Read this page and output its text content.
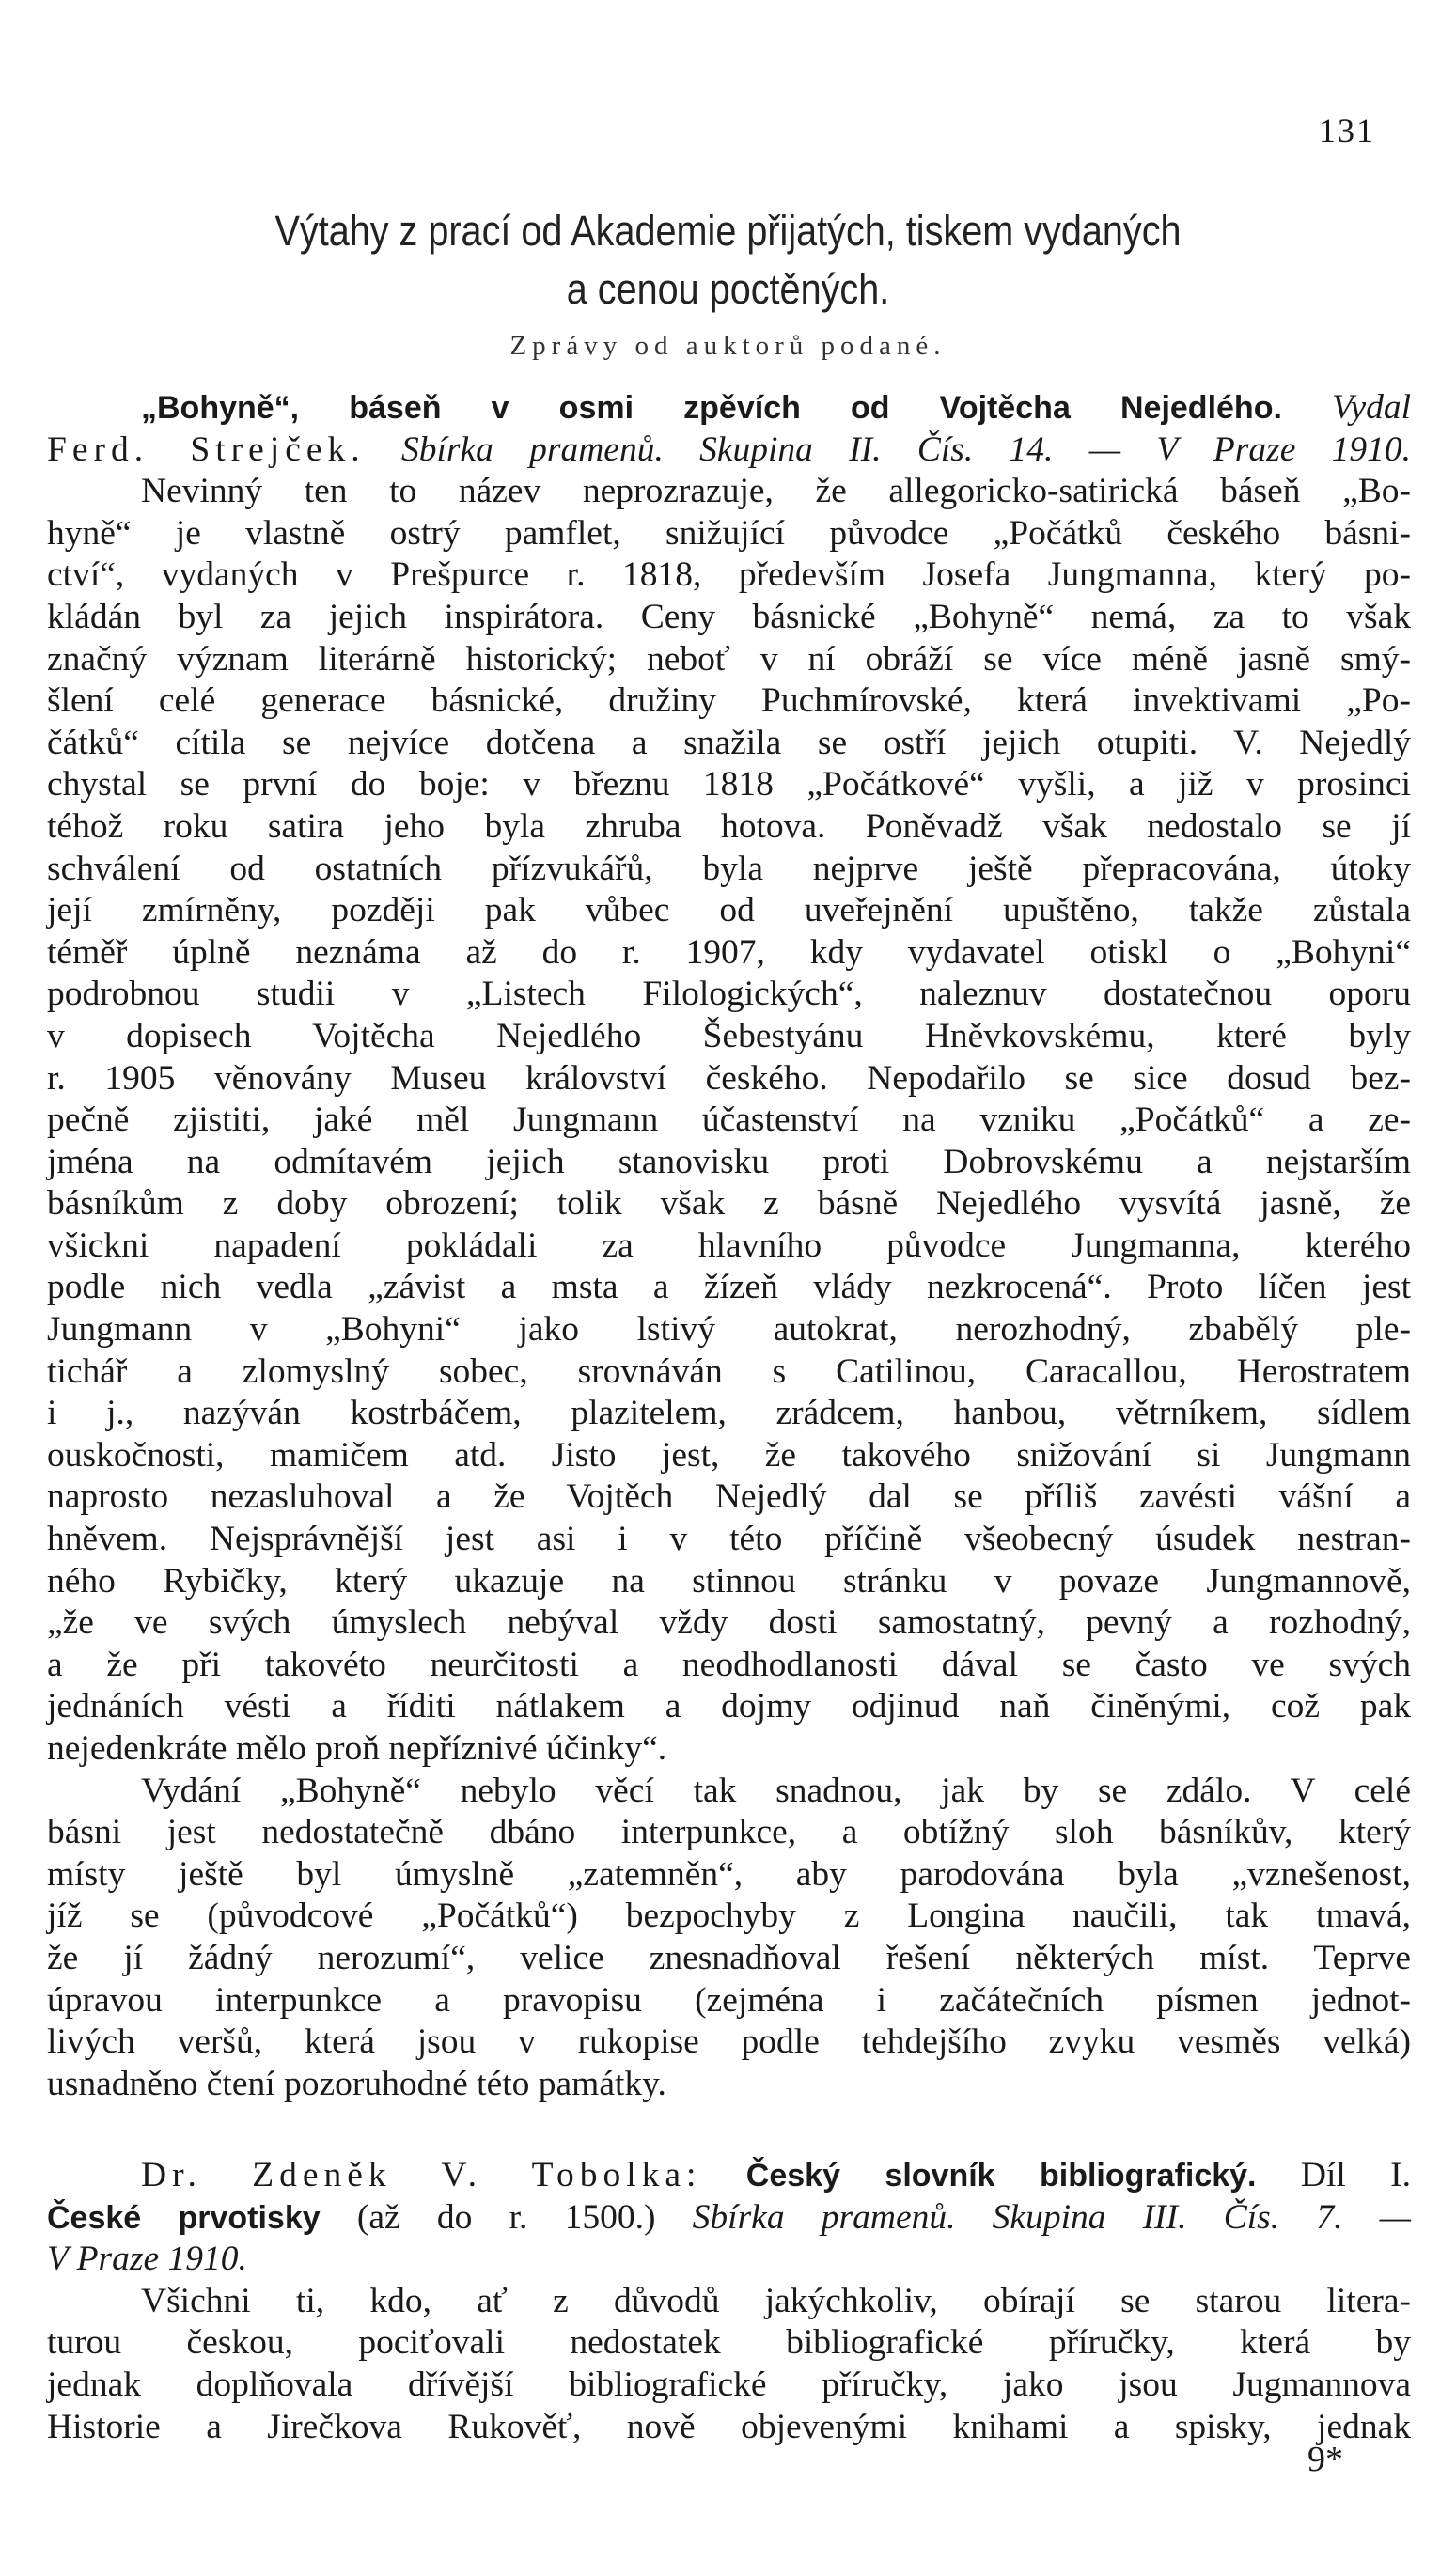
131
Výtahy z prací od Akademie přijatých, tiskem vydaných
a cenou poctěných.
Zprávy od auktorů podané.

„Bohyně“, báseň v osmi zpěvích od Vojtěcha Nejedlého. Vydal
Ferd. Strejček. Sbírka pramenů. Skupina II. Čís. 14. — V Praze 1910.

Nevinný ten to název neprozrazuje, že allegoricko-satirická báseň „Bo-
hyně“ je vlastně ostrý pamflet, snižující původce „Počátků českého básni-
ctví“, vydaných v Prešpurce r. 1818, především Josefa Jungmanna, který po-
kládán byl za jejich inspirátora. Ceny básnické „Bohyně“ nemá, za to však
značný význam literárně historický; neboť v ní obráží se více méně jasně smý-
šlení celé generace básnické, družiny Puchmírovské, která invektivami „Po-
čátků“ cítila se nejvíce dotčena a snažila se ostří jejich otupiti. V. Nejedlý
chystal se první do boje: v březnu 1818 „Počátkové“ vyšli, a již v prosinci
téhož roku satira jeho byla zhruba hotova. Poněvadž však nedostalo se jí
schválení od ostatních přízvukářů, byla nejprve ještě přepracována, útoky
její zmírněny, později pak vůbec od uveřejnění upuštěno, takže zůstala
téměř úplně neznáma až do r. 1907, kdy vydavatel otiskl o „Bohyni“
podrobnou studii v „Listech Filologických“, naleznuv dostatečnou oporu
v dopisech Vojtěcha Nejedlého Šebestyánu Hněvkovskému, které byly
r. 1905 věnovány Museu království českého. Nepodařilo se sice dosud bez-
pečně zjistiti, jaké měl Jungmann účastenství na vzniku „Počátků“ a ze-
jména na odmítavém jejich stanovisku proti Dobrovskému a nejstarším
básníkům z doby obrození; tolik však z básně Nejedlého vysvítá jasně, že
všickni napadení pokládali za hlavního původce Jungmanna, kterého
podle nich vedla „závist a msta a žízeň vlády nezkrocená“. Proto líčen jest
Jungmann v „Bohyni“ jako lstivý autokrat, nerozhodný, zbabělý ple-
tichář a zlomyslný sobec, srovnáván s Catilinou, Caracallou, Herostratem
i j., nazýván kostrbáčem, plazitelem, zrádcem, hanbou, větrníkem, sídlem
ouskočnosti, mamičem atd. Jisto jest, že takového snižování si Jungmann
naprosto nezasluhoval a že Vojtěch Nejedlý dal se příliš zavésti vášní a
hněvem. Nejsprávnější jest asi i v této příčině všeobecný úsudek nestran-
ného Rybičky, který ukazuje na stinnou stránku v povaze Jungmannově,
„že ve svých úmyslech nebýval vždy dosti samostatný, pevný a rozhodný,
a že při takovéto neurčitosti a neodhodlanosti dával se často ve svých
jednáních vésti a říditi nátlakem a dojmy odjinud naň činěnými, což pak
nejedenkráte mělo proň nepříznivé účinky“.

Vydání „Bohyně“ nebylo věcí tak snadnou, jak by se zdálo. V celé
básni jest nedostatečně dbáno interpunkce, a obtížný sloh básníkův, který
místy ještě byl úmyslně „zatemněn“, aby parodována byla „vznešenost,
jíž se (původcové „Počátků“) bezpochyby z Longina naučili, tak tmavá,
že jí žádný nerozumí“, velice znesnadňoval řešení některých míst. Teprve
úpravou interpunkce a pravopisu (zejména i začátečních písmen jednot-
livých veršů, která jsou v rukopise podle tehdejšího zvyku vesměs velká)
usnadněno čtení pozoruhodné této památky.

Dr. Zdeněk V. Tobolka: Český slovník bibliografický. Díl I.
České prvotisky (až do r. 1500.) Sbírka pramenů. Skupina III. Čís. 7. —
V Praze 1910.

Všichni ti, kdo, ať z důvodů jakýchkoliv, obírají se starou litera-
turou českou, pociťovali nedostatek bibliografické příručky, která by
jednak doplňovala dřívější bibliografické příručky, jako jsou Jugmannova
Historie a Jirečkova Rukověť, nově objevenými knihami a spisky, jednak

9*
